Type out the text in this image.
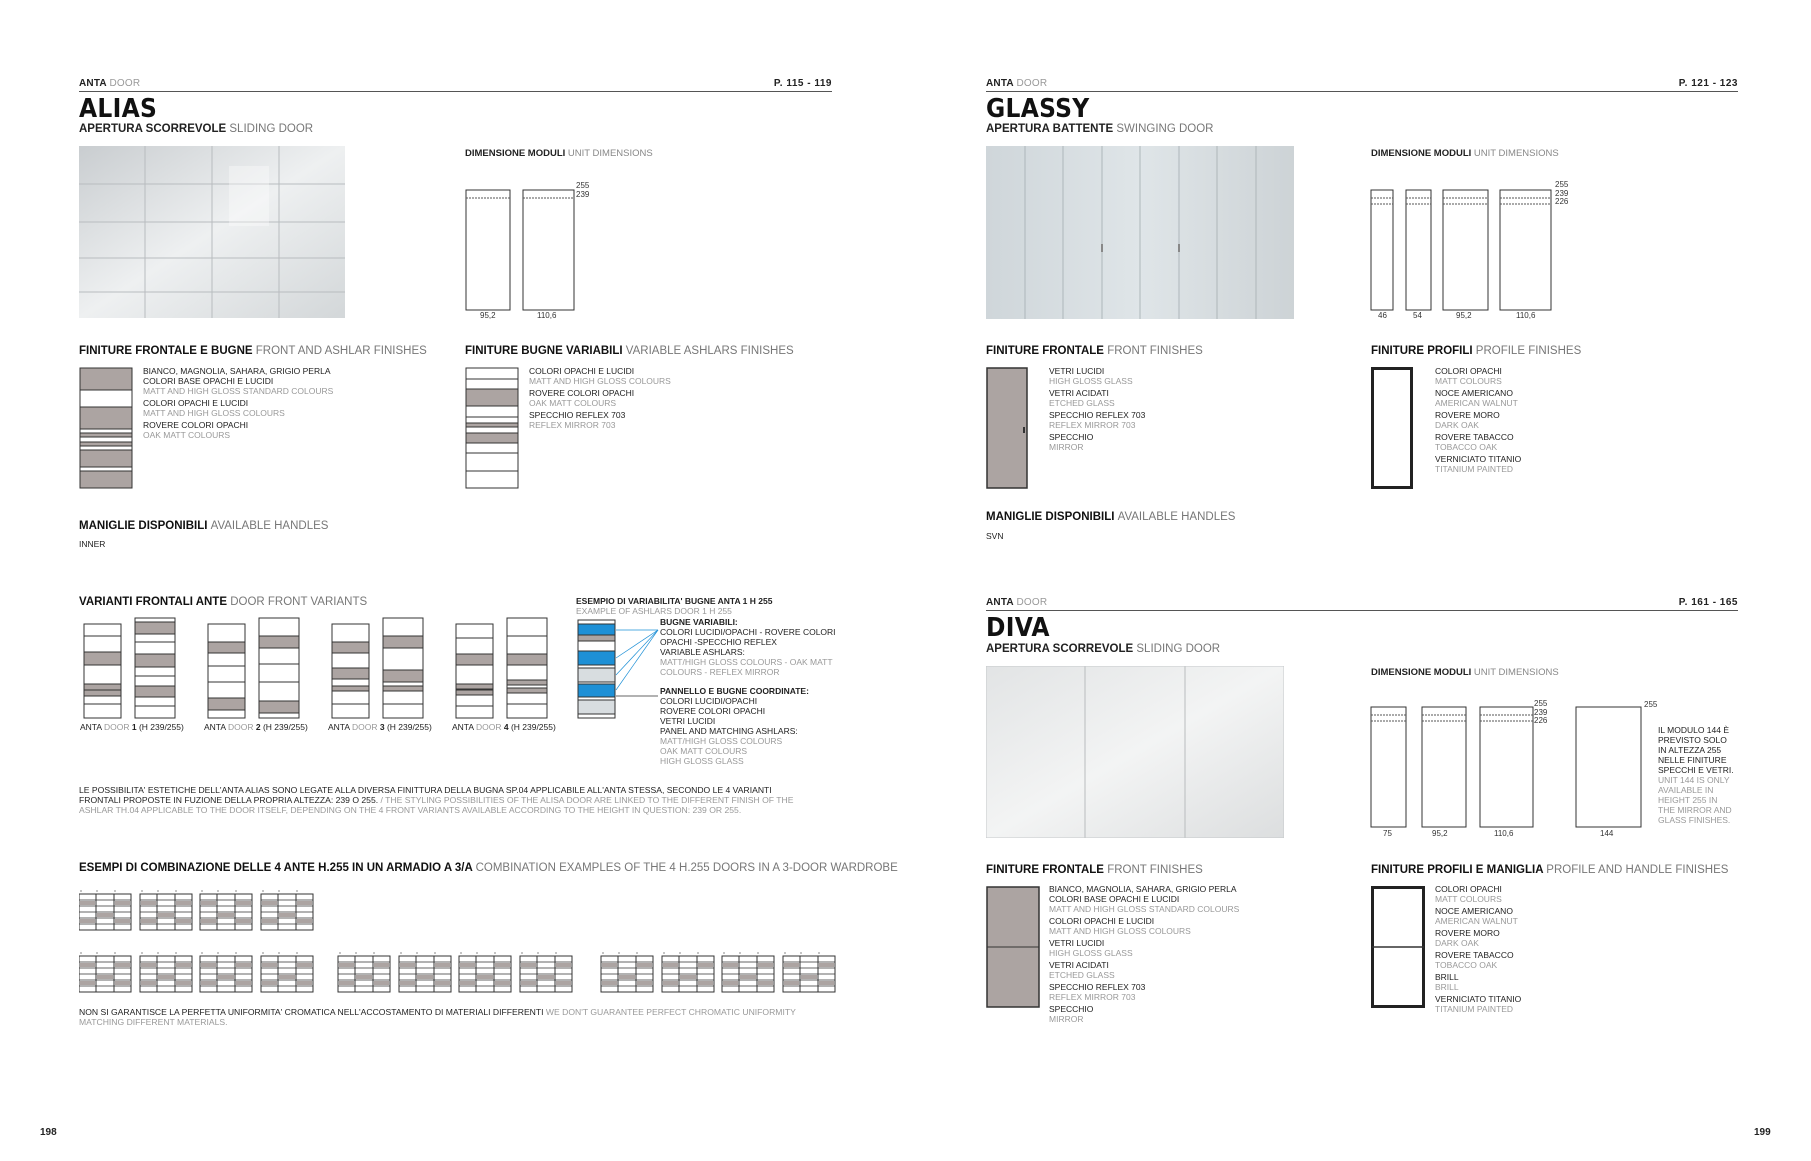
ANTA DOOR	P. 115 - 119
ALIAS
APERTURA SCORREVOLE SLIDING DOOR
DIMENSIONE MODULI UNIT DIMENSIONS
255
239
95,2	110,6
FINITURE FRONTALE E BUGNE FRONT AND ASHLAR FINISHES
BIANCO, MAGNOLIA, SAHARA, GRIGIO PERLA
COLORI BASE OPACHI E LUCIDI
MATT AND HIGH GLOSS STANDARD COLOURS
COLORI OPACHI E LUCIDI
MATT AND HIGH GLOSS COLOURS
ROVERE COLORI OPACHI
OAK MATT COLOURS
FINITURE BUGNE VARIABILI VARIABLE ASHLARS FINISHES
COLORI OPACHI E LUCIDI
MATT AND HIGH GLOSS COLOURS
ROVERE COLORI OPACHI
OAK MATT COLOURS
SPECCHIO REFLEX 703
REFLEX MIRROR 703
MANIGLIE DISPONIBILI AVAILABLE HANDLES
INNER
VARIANTI FRONTALI ANTE DOOR FRONT VARIANTS
ANTA DOOR 1 (H 239/255) ANTA DOOR 2 (H 239/255) ANTA DOOR 3 (H 239/255) ANTA DOOR 4 (H 239/255)
ESEMPIO DI VARIABILITA' BUGNE ANTA 1 H 255
EXAMPLE OF ASHLARS DOOR 1 H 255
BUGNE VARIABILI:
COLORI LUCIDI/OPACHI - ROVERE COLORI
OPACHI -SPECCHIO REFLEX
VARIABLE ASHLARS:
MATT/HIGH GLOSS COLOURS - OAK MATT
COLOURS - REFLEX MIRROR
PANNELLO E BUGNE COORDINATE:
COLORI LUCIDI/OPACHI
ROVERE COLORI OPACHI
VETRI LUCIDI
PANEL AND MATCHING ASHLARS:
MATT/HIGH GLOSS COLOURS
OAK MATT COLOURS
HIGH GLOSS GLASS
LE POSSIBILITA' ESTETICHE DELL'ANTA ALIAS SONO LEGATE ALLA DIVERSA FINITTURA DELLA BUGNA SP.04 APPLICABILE ALL'ANTA STESSA, SECONDO LE 4 VARIANTI FRONTALI PROPOSTE IN FUZIONE DELLA PROPRIA ALTEZZA: 239 O 255. / THE STYLING POSSIBILITIES OF THE ALISA DOOR ARE LINKED TO THE DIFFERENT FINISH OF THE ASHLAR TH.04 APPLICABLE TO THE DOOR ITSELF, DEPENDING ON THE 4 FRONT VARIANTS AVAILABLE ACCORDING TO THE HEIGHT IN QUESTION: 239 OR 255.
ESEMPI DI COMBINAZIONE DELLE 4 ANTE H.255 IN UN ARMADIO A 3/A COMBINATION EXAMPLES OF THE 4 H.255 DOORS IN A 3-DOOR WARDROBE
NON SI GARANTISCE LA PERFETTA UNIFORMITA' CROMATICA NELL'ACCOSTAMENTO DI MATERIALI DIFFERENTI WE DON'T GUARANTEE PERFECT CHROMATIC UNIFORMITY MATCHING DIFFERENT MATERIALS.
198
ANTA DOOR	P. 121 - 123
GLASSY
APERTURA BATTENTE SWINGING DOOR
DIMENSIONE MODULI UNIT DIMENSIONS
255
239
226
46	54	95,2	110,6
FINITURE FRONTALE FRONT FINISHES
VETRI LUCIDI
HIGH GLOSS GLASS
VETRI ACIDATI
ETCHED GLASS
SPECCHIO REFLEX 703
REFLEX MIRROR 703
SPECCHIO
MIRROR
FINITURE PROFILI PROFILE FINISHES
COLORI OPACHI
MATT COLOURS
NOCE AMERICANO
AMERICAN WALNUT
ROVERE MORO
DARK OAK
ROVERE TABACCO
TOBACCO OAK
VERNICIATO TITANIO
TITANIUM PAINTED
MANIGLIE DISPONIBILI AVAILABLE HANDLES
SVN
ANTA DOOR	P. 161 - 165
DIVA
APERTURA SCORREVOLE SLIDING DOOR
DIMENSIONE MODULI UNIT DIMENSIONS
255
239
226
255
75	95,2	110,6	144
IL MODULO 144 È
PREVISTO SOLO
IN ALTEZZA 255
NELLE FINITURE
SPECCHI E VETRI.
UNIT 144 IS ONLY
AVAILABLE IN
HEIGHT 255 IN
THE MIRROR AND
GLASS FINISHES.
FINITURE FRONTALE FRONT FINISHES
BIANCO, MAGNOLIA, SAHARA, GRIGIO PERLA
COLORI BASE OPACHI E LUCIDI
MATT AND HIGH GLOSS STANDARD COLOURS
COLORI OPACHI E LUCIDI
MATT AND HIGH GLOSS COLOURS
VETRI LUCIDI
HIGH GLOSS GLASS
VETRI ACIDATI
ETCHED GLASS
SPECCHIO REFLEX 703
REFLEX MIRROR 703
SPECCHIO
MIRROR
FINITURE PROFILI E MANIGLIA PROFILE AND HANDLE FINISHES
COLORI OPACHI
MATT COLOURS
NOCE AMERICANO
AMERICAN WALNUT
ROVERE MORO
DARK OAK
ROVERE TABACCO
TOBACCO OAK
BRILL
BRILL
VERNICIATO TITANIO
TITANIUM PAINTED
199
